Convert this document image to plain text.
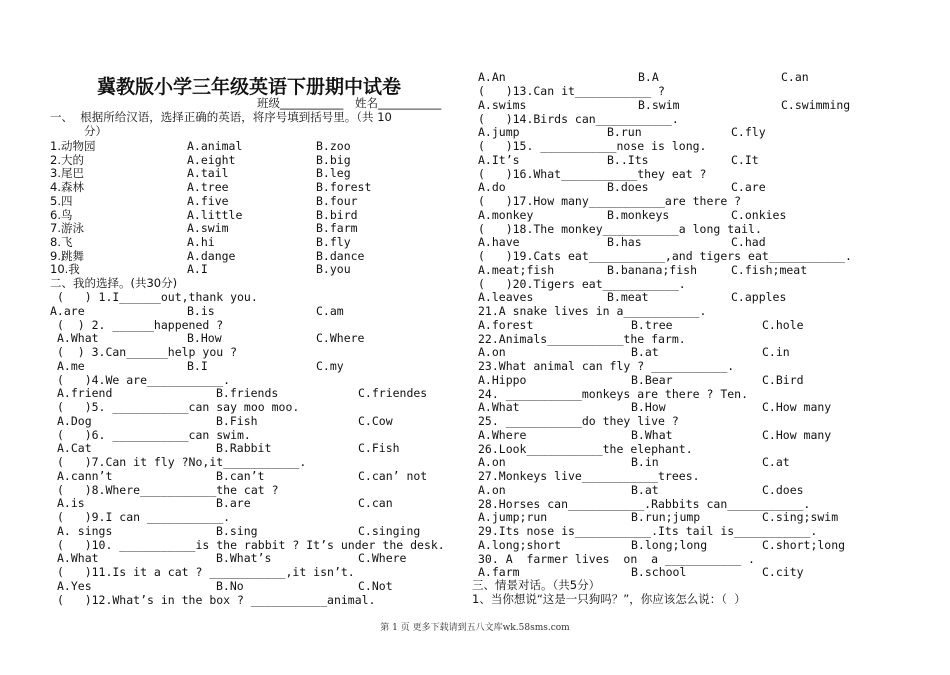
冀教版小学三年级英语下册期中试卷
班级___________ 姓名___________
一、  根据所给汉语，选择正确的英语，将序号填到括号里。（共 10
分）
1.动物园	A.animal	B.zoo
2.大的	A.eight	B.big
3.尾巴	A.tail	B.leg
4.森林	A.tree	B.forest
5.四	A.five	B.four
6.鸟	A.little	B.bird
7.游泳	A.swim	B.farm
8.飞	A.hi	B.fly
9.跳舞	A.dange	B.dance
10.我	A.I	B.you
二、我的选择。(共30分)
(   ) 1.I______out,thank you.
A.are	B.is	C.am
(  ) 2. ______happened ?
A.What	B.How	C.Where
(  ) 3.Can______help you ?
A.me	B.I	C.my
(   )4.We are___________.
A.friend	B.friends	C.friendes
(   )5. ___________can say moo moo.
A.Dog	B.Fish	C.Cow
(   )6. ___________can swim.
A.Cat	B.Rabbit	C.Fish
(   )7.Can it fly ?No,it___________.
A.cann’t	B.can’t	C.can’ not
(   )8.Where___________the cat ?
A.is	B.are	C.can
(   )9.I can ___________.
A. sings	B.sing	C.singing
(   )10. ___________is the rabbit ? It’s under the desk.
A.What	B.What’s	C.Where
(   )11.Is it a cat ? ___________,it isn’t.
A.Yes	B.No	C.Not
(   )12.What’s in the box ? ___________animal.
A.An	B.A	C.an
(   )13.Can it___________ ?
A.swims	B.swim	C.swimming
(   )14.Birds can___________.
A.jump	B.run	C.fly
(   )15. ___________nose is long.
A.It’s	B..Its	C.It
(   )16.What___________they eat ?
A.do	B.does	C.are
(   )17.How many___________are there ?
A.monkey	B.monkeys	C.onkies
(   )18.The monkey___________a long tail.
A.have	B.has	C.had
(   )19.Cats eat___________,and tigers eat___________.
A.meat;fish	B.banana;fish	C.fish;meat
(   )20.Tigers eat___________.
A.leaves	B.meat	C.apples
21.A snake lives in a___________.
A.forest	B.tree	C.hole
22.Animals___________the farm.
A.on	B.at	C.in
23.What animal can fly ? ___________.
A.Hippo	B.Bear	C.Bird
24. ___________monkeys are there ? Ten.
A.What	B.How	C.How many
25. ___________do they live ?
A.Where	B.What	C.How many
26.Look___________the elephant.
A.on	B.in	C.at
27.Monkeys live___________trees.
A.on	B.at	C.does
28.Horses can___________.Rabbits can___________.
A.jump;run	B.run;jump	C.sing;swim
29.Its nose is___________.Its tail is___________.
A.long;short	B.long;long	C.short;long
30. A  farmer lives  on  a ___________ .
A.farm	B.school	C.city
三、情景对话。（共5分）
1、当你想说“这是一只狗吗？”，你应该怎么说：（  ）
第 1 页 更多下载请到五八文库wk.58sms.com
